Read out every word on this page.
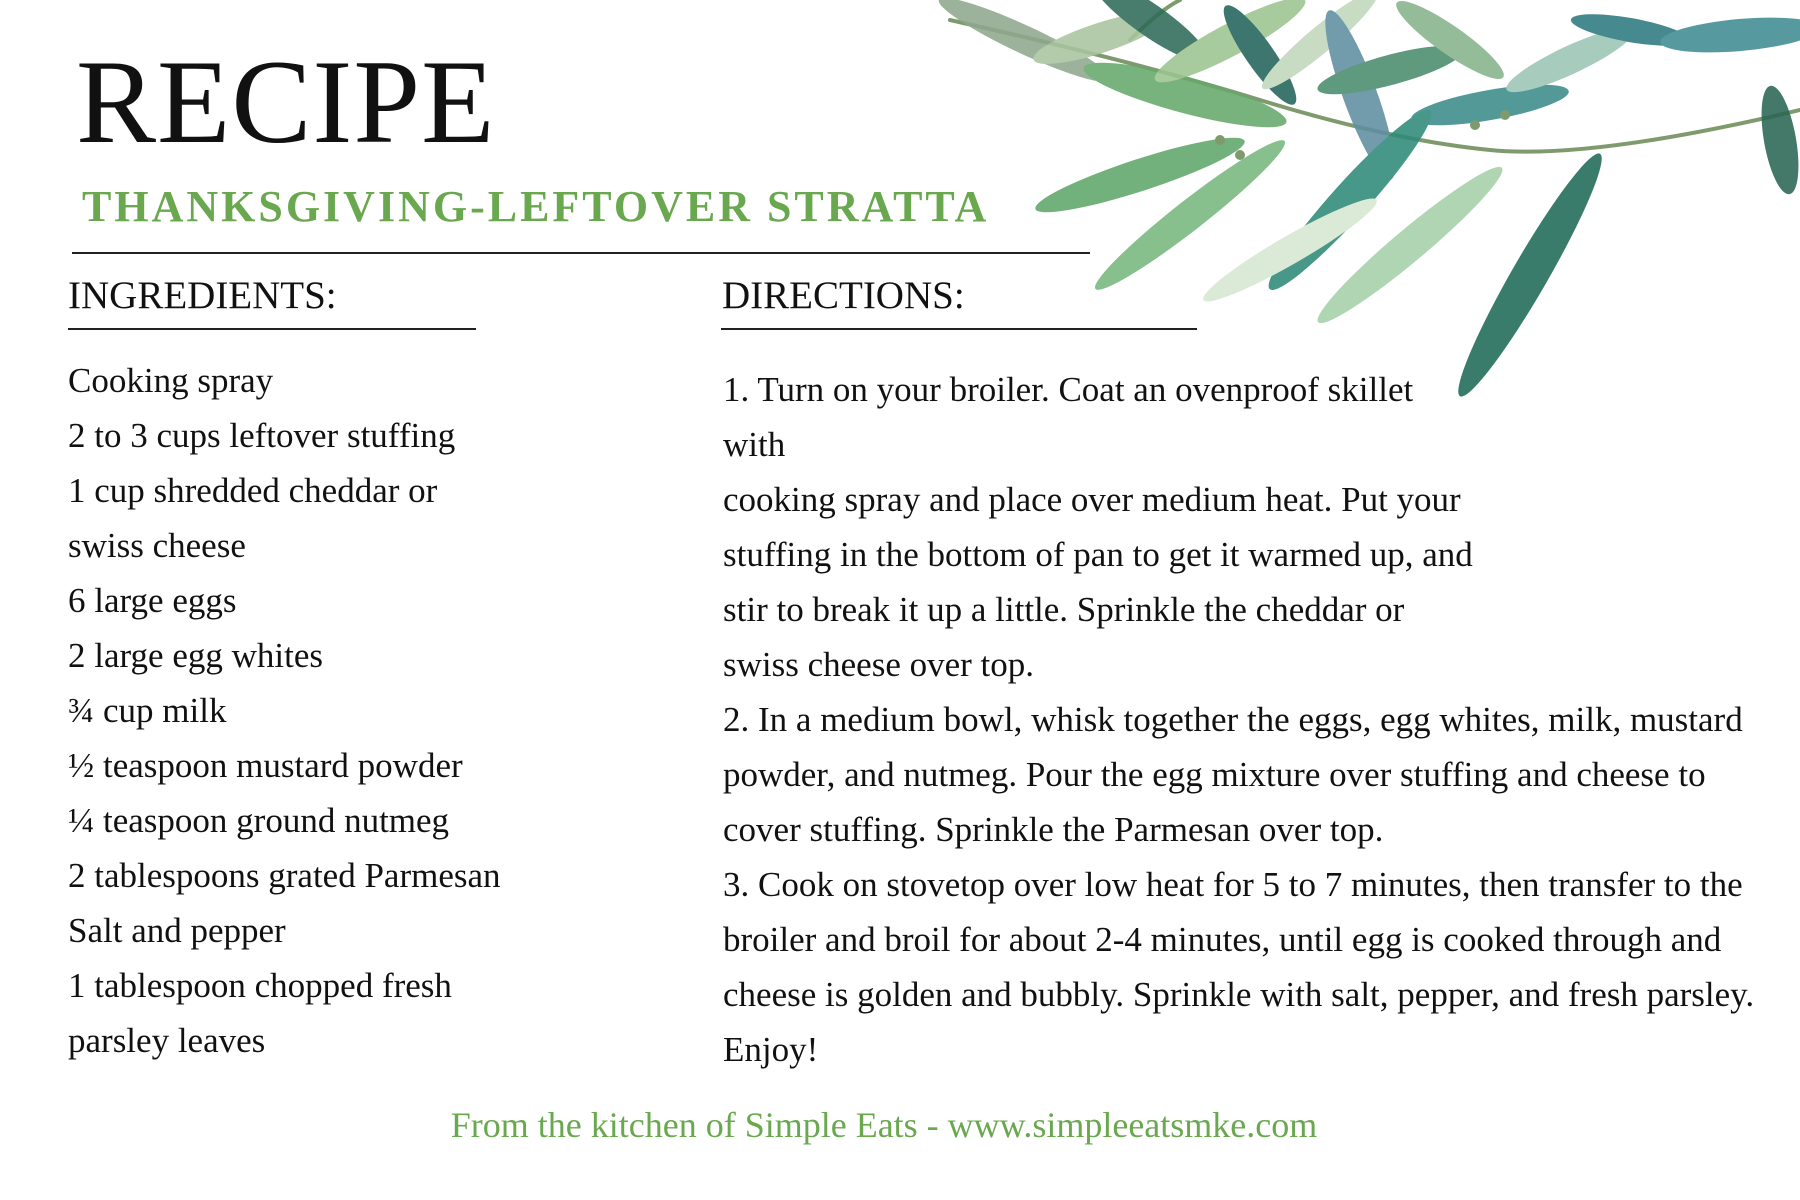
RECIPE
THANKSGIVING-LEFTOVER STRATTA
INGREDIENTS:
Cooking spray
2 to 3 cups leftover stuffing
1 cup shredded cheddar or swiss cheese
6 large eggs
2 large egg whites
¾ cup milk
½ teaspoon mustard powder
¼ teaspoon ground nutmeg
2 tablespoons grated Parmesan
Salt and pepper
1 tablespoon chopped fresh parsley leaves
DIRECTIONS:

1. Turn on your broiler. Coat an ovenproof skillet with
cooking spray and place over medium heat. Put your stuffing in the bottom of pan to get it warmed up, and stir to break it up a little. Sprinkle the cheddar or swiss cheese over top.

2. In a medium bowl, whisk together the eggs, egg whites, milk, mustard powder, and nutmeg. Pour the egg mixture over stuffing and cheese to cover stuffing. Sprinkle the Parmesan over top.

3. Cook on stovetop over low heat for 5 to 7 minutes, then transfer to the broiler and broil for about 2-4 minutes, until egg is cooked through and cheese is golden and bubbly. Sprinkle with salt, pepper, and fresh parsley. Enjoy!

From the kitchen of Simple Eats - www.simpleeatsmke.com
